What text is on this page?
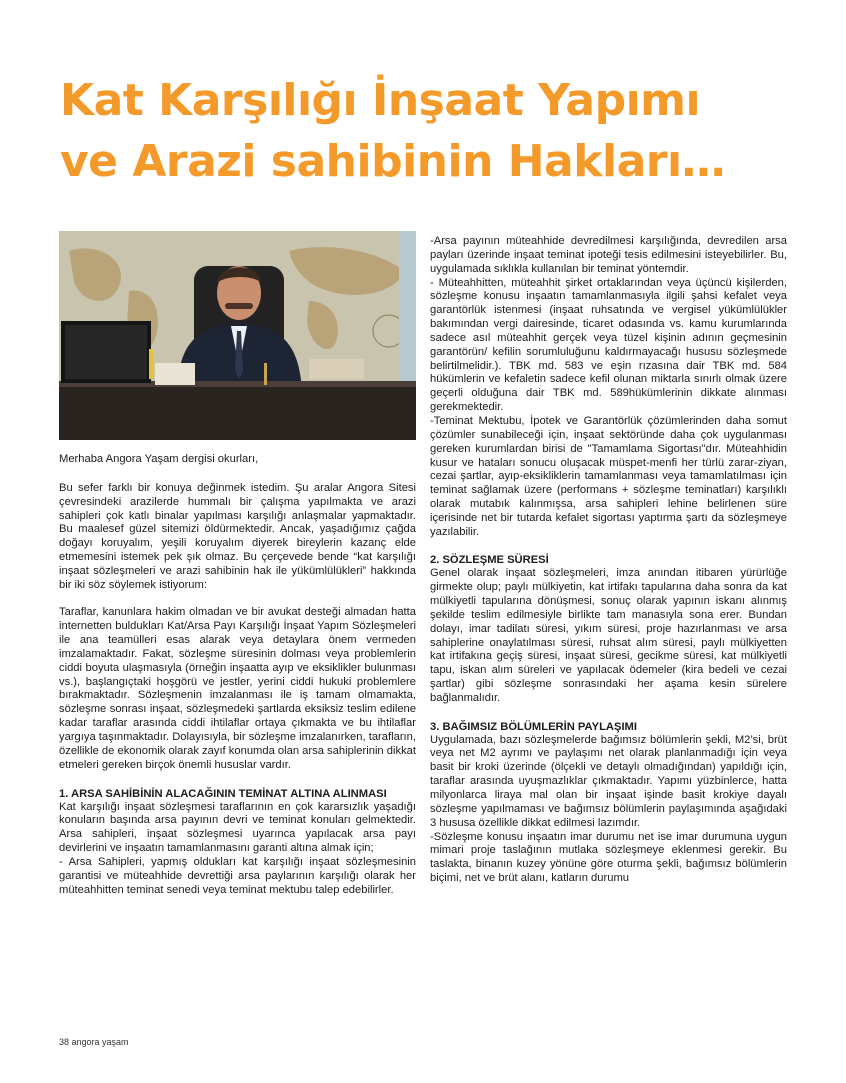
Kat Karşılığı İnşaat Yapımı
ve Arazi sahibinin Hakları…

Merhaba Angora Yaşam dergisi okurları,

Bu sefer farklı bir konuya değinmek istedim. Şu aralar Angora Sitesi çevresindeki arazilerde hummalı bir çalışma yapılmakta ve arazi sahipleri çok katlı binalar yapılması karşılığı anlaşmalar yapmaktadır. Bu maalesef güzel sitemizi öldürmektedir. Ancak, yaşadığımız çağda doğayı koruyalım, yeşili koruyalım diyerek bireylerin kazanç elde etmemesini istemek pek şık olmaz. Bu çerçevede bende “kat karşılığı inşaat sözleşmeleri ve arazi sahibinin hak ile yükümlülükleri” hakkında bir iki söz söylemek istiyorum:

Taraflar, kanunlara hakim olmadan ve bir avukat desteği almadan hatta internetten buldukları Kat/Arsa Payı Karşılığı İnşaat Yapım Sözleşmeleri ile ana teamülleri esas alarak veya detaylara önem vermeden imzalamaktadır. Fakat, sözleşme süresinin dolması veya problemlerin ciddi boyuta ulaşmasıyla (örneğin inşaatta ayıp ve eksiklikler bulunması vs.), başlangıçtaki hoşgörü ve jestler, yerini ciddi hukuki problemlere bırakmaktadır. Sözleşmenin imzalanması ile iş tamam olmamakta, sözleşme sonrası inşaat, sözleşmedeki şartlarda eksiksiz teslim edilene kadar taraflar arasında ciddi ihtilaflar ortaya çıkmakta ve bu ihtilaflar yargıya taşınmaktadır. Dolayısıyla, bir sözleşme imzalanırken, tarafların, özellikle de ekonomik olarak zayıf konumda olan arsa sahiplerinin dikkat etmeleri gereken birçok önemli hususlar vardır.

1. ARSA SAHİBİNİN ALACAĞININ TEMİNAT ALTINA ALINMASI

Kat karşılığı inşaat sözleşmesi taraflarının en çok kararsızlık yaşadığı konuların başında arsa payının devri ve teminat konuları gelmektedir. Arsa sahipleri, inşaat sözleşmesi uyarınca yapılacak arsa payı devirlerini ve inşaatın tamamlanmasını garanti altına almak için;

- Arsa Sahipleri, yapmış oldukları kat karşılığı inşaat sözleşmesinin garantisi ve müteahhide devrettiği arsa paylarının karşılığı olarak her müteahhitten teminat senedi veya teminat mektubu talep edebilirler.

-Arsa payının müteahhide devredilmesi karşılığında, devredilen arsa payları üzerinde inşaat teminat ipoteği tesis edilmesini isteyebilirler. Bu, uygulamada sıklıkla kullanılan bir teminat yöntemdir.

- Müteahhitten, müteahhit şirket ortaklarından veya üçüncü kişilerden, sözleşme konusu inşaatın tamamlanmasıyla ilgili şahsi kefalet veya garantörlük istenmesi (inşaat ruhsatında ve vergisel yükümlülükler bakımından vergi dairesinde, ticaret odasında vs. kamu kurumlarında sadece asıl müteahhit gerçek veya tüzel kişinin adının geçmesinin garantörün/ kefilin sorumluluğunu kaldırmayacağı hususu sözleşmede belirtilmelidir.). TBK md. 583 ve eşin rızasına dair TBK md. 584 hükümlerin ve kefaletin sadece kefil olunan miktarla sınırlı olmak üzere geçerli olduğuna dair TBK md. 589hükümlerinin dikkate alınması gerekmektedir.

-Teminat Mektubu, İpotek ve Garantörlük çözümlerinden daha somut çözümler sunabileceği için, inşaat sektöründe daha çok uygulanması gereken kurumlardan birisi de "Tamamlama Sigortası"dır. Müteahhidin kusur ve hataları sonucu oluşacak müspet-menfi her türlü zarar-ziyan, cezai şartlar, ayıp-eksikliklerin tamamlanması veya tamamlatılması için teminat sağlamak üzere (performans + sözleşme teminatları) karşılıklı olarak mutabık kalınmışsa, arsa sahipleri lehine belirlenen süre içerisinde net bir tutarda kefalet sigortası yaptırma şartı da sözleşmeye yazılabilir.

2. SÖZLEŞME SÜRESİ

Genel olarak inşaat sözleşmeleri, imza anından itibaren yürürlüğe girmekte olup; paylı mülkiyetin, kat irtifakı tapularına daha sonra da kat mülkiyetli tapularına dönüşmesi, sonuç olarak yapının iskanı alınmış şekilde teslim edilmesiyle birlikte tam manasıyla sona erer. Bundan dolayı, imar tadilatı süresi, yıkım süresi, proje hazırlanması ve arsa sahiplerine onaylatılması süresi, ruhsat alım süresi, paylı mülkiyetten kat irtifakına geçiş süresi, inşaat süresi, gecikme süresi, kat mülkiyetli tapu, iskan alım süreleri ve yapılacak ödemeler (kira bedeli ve cezai şartlar) gibi sözleşme sonrasındaki her aşama kesin sürelere bağlanmalıdır.

3. BAĞIMSIZ BÖLÜMLERİN PAYLAŞIMI

Uygulamada, bazı sözleşmelerde bağımsız bölümlerin şekli, M2’si, brüt veya net M2 ayrımı ve paylaşımı net olarak planlanmadığı için veya basit bir kroki üzerinde (ölçekli ve detaylı olmadığından) yapıldığı için, taraflar arasında uyuşmazlıklar çıkmaktadır. Yapımı yüzbinlerce, hatta milyonlarca liraya mal olan bir inşaat işinde basit krokiye dayalı sözleşme yapılmaması ve bağımsız bölümlerin paylaşımında aşağıdaki 3 hususa özellikle dikkat edilmesi lazımdır.

-Sözleşme konusu inşaatın imar durumu net ise imar durumuna uygun mimari proje taslağının mutlaka sözleşmeye eklenmesi gerekir. Bu taslakta, binanın kuzey yönüne göre oturma şekli, bağımsız bölümlerin biçimi, net ve brüt alanı, katların durumu

38 angora yaşam
